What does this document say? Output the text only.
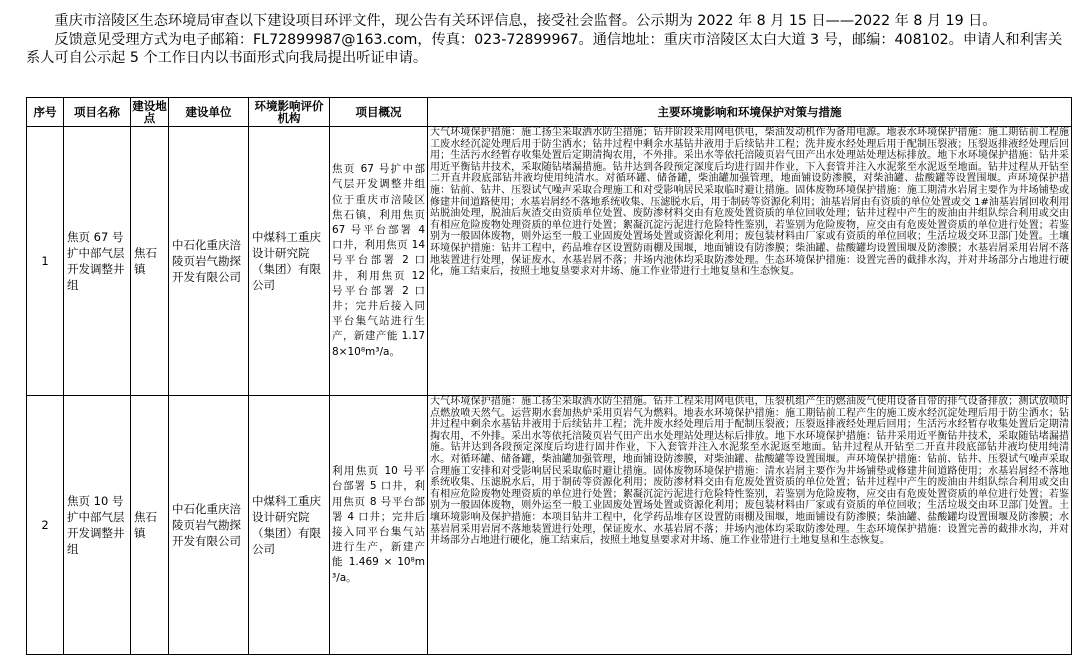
重庆市涪陵区生态环境局审查以下建设项目环评文件，现公告有关环评信息，接受社会监督。公示期为 2022 年 8 月 15 日——2022 年 8 月 19 日。

反馈意见受理方式为电子邮箱：FL72899987@163.com，传真：023-72899967。通信地址：重庆市涪陵区太白大道 3 号，邮编：408102。申请人和利害关系人可自公示起 5 个工作日内以书面形式向我局提出听证申请。

序号	项目名称	建设地点	建设单位	环境影响评价机构	项目概况	主要环境影响和环境保护对策与措施
1	焦页 67 号扩中部气层开发调整井组	焦石镇	中石化重庆涪陵页岩气勘探开发有限公司	中煤科工重庆设计研究院（集团）有限公司	焦页 67 号扩中部气层开发调整井组位于重庆市涪陵区焦石镇，利用焦页 67 号平台部署 4 口井，利用焦页 14 号平台部署 2 口井，利用焦页 12 号平台部署 2 口井；完井后接入同平台集气站进行生产，新建产能 1.178×10⁸m³/a。	大气环境保护措施：施工扬尘采取洒水防尘措施；钻井阶段采用网电供电，柴油发动机作为备用电源。地表水环境保护措施：施工期钻前工程施工废水经沉淀处理后用于防尘洒水；钻井过程中剩余水基钻井液用于后续钻井工程；洗井废水经处理后用于配制压裂液；压裂返排液经处理后回用；生活污水经暂存收集处置后定期清掏农用，不外排。采出水等依托涪陵页岩气田产出水处理站处理达标排放。地下水环境保护措施：钻井采用近平衡钻井技术，采取随钻堵漏措施。钻井达到各段预定深度后均进行固井作业，下入套管并注入水泥浆至水泥返至地面。钻井过程从开钻至二开直井段底部钻井液均使用纯清水。对循环罐、储备罐，柴油罐加强管理，地面铺设防渗膜，对柴油罐、盐酸罐等设置围堰。声环境保护措施：钻前、钻井、压裂试气噪声采取合理施工和对受影响居民采取临时避让措施。固体废物环境保护措施：施工期清水岩屑主要作为井场铺垫或修建井间道路使用；水基岩屑经不落地系统收集、压滤脱水后，用于制砖等资源化利用；油基岩屑由有资质的单位处置或交 1#油基岩屑回收利用站脱油处理，脱油后灰渣交由资质单位处置、废防渗材料交由有危废处置资质的单位回收处理；钻井过程中产生的废油由井组队综合利用或交由有相应危险废物处理资质的单位进行处置；絮凝沉淀污泥进行危险特性鉴别，若鉴别为危险废物，应交由有危废处置资质的单位进行处置；若鉴别为一般固体废物，则外运至一般工业固废处置场处置或资源化利用；废包装材料由厂家或有资质的单位回收；生活垃圾交环卫部门处置。土壤环境保护措施：钻井工程中，药品堆存区设置防雨棚及围堰，地面铺设有防渗膜；柴油罐、盐酸罐均设置围堰及防渗膜；水基岩屑采用岩屑不落地装置进行处理，保证废水、水基岩屑不落；井场内池体均采取防渗处理。生态环境保护措施：设置完善的截排水沟，并对井场部分占地进行硬化，施工结束后，按照土地复垦要求对井场、施工作业带进行土地复垦和生态恢复。
2	焦页 10 号扩中部气层开发调整井组	焦石镇	中石化重庆涪陵页岩气勘探开发有限公司	中煤科工重庆设计研究院（集团）有限公司	利用焦页 10 号平台部署 5 口井，利用焦页 8 号平台部署 4 口井；完井后接入同平台集气站进行生产，新建产能 1.469 × 10⁸m³/a。	大气环境保护措施：施工扬尘采取洒水防尘措施。钻井工程采用网电供电，压裂机组产生的燃油废气使用设备自带的排气设备排放；测试放喷时点燃放喷天然气。运营期水套加热炉采用页岩气为燃料。地表水环境保护措施：施工期钻前工程产生的施工废水经沉淀处理后用于防尘洒水；钻井过程中剩余水基钻井液用于后续钻井工程；洗井废水经处理后用于配制压裂液；压裂返排液经处理后回用；生活污水经暂存收集处置后定期清掏农用，不外排。采出水等依托涪陵页岩气田产出水处理站处理达标后排放。地下水环境保护措施：钻井采用近平衡钻井技术，采取随钻堵漏措施。钻井达到各段预定深度后均进行固井作业，下入套管并注入水泥浆至水泥返至地面。钻井过程从开钻至二开直井段底部钻井液均使用纯清水。对循环罐、储备罐，柴油罐加强管理，地面铺设防渗膜，对柴油罐、盐酸罐等设置围堰。声环境保护措施：钻前、钻井、压裂试气噪声采取合理施工安排和对受影响居民采取临时避让措施。固体废物环境保护措施：清水岩屑主要作为井场铺垫或修建井间道路使用；水基岩屑经不落地系统收集、压滤脱水后，用于制砖等资源化利用；废防渗材料交由有危废处置资质的单位处置；钻井过程中产生的废油由井组队综合利用或交由有相应危险废物处理资质的单位进行处置；絮凝沉淀污泥进行危险特性鉴别，若鉴别为危险废物，应交由有危废处置资质的单位进行处置；若鉴别为一般固体废物，则外运至一般工业固废处置场处置或资源化利用；废包装材料由厂家或有资质的单位回收；生活垃圾交由环卫部门处置。土壤环境影响及保护措施：本项目钻井工程中，化学药品堆存区设置防雨棚及围堰，地面铺设有防渗膜；柴油罐、盐酸罐均设置围堰及防渗膜；水基岩屑采用岩屑不落地装置进行处理，保证废水、水基岩屑不落；井场内池体均采取防渗处理。生态环境保护措施：设置完善的截排水沟，并对井场部分占地进行硬化，施工结束后，按照土地复垦要求对井场、施工作业带进行土地复垦和生态恢复。
